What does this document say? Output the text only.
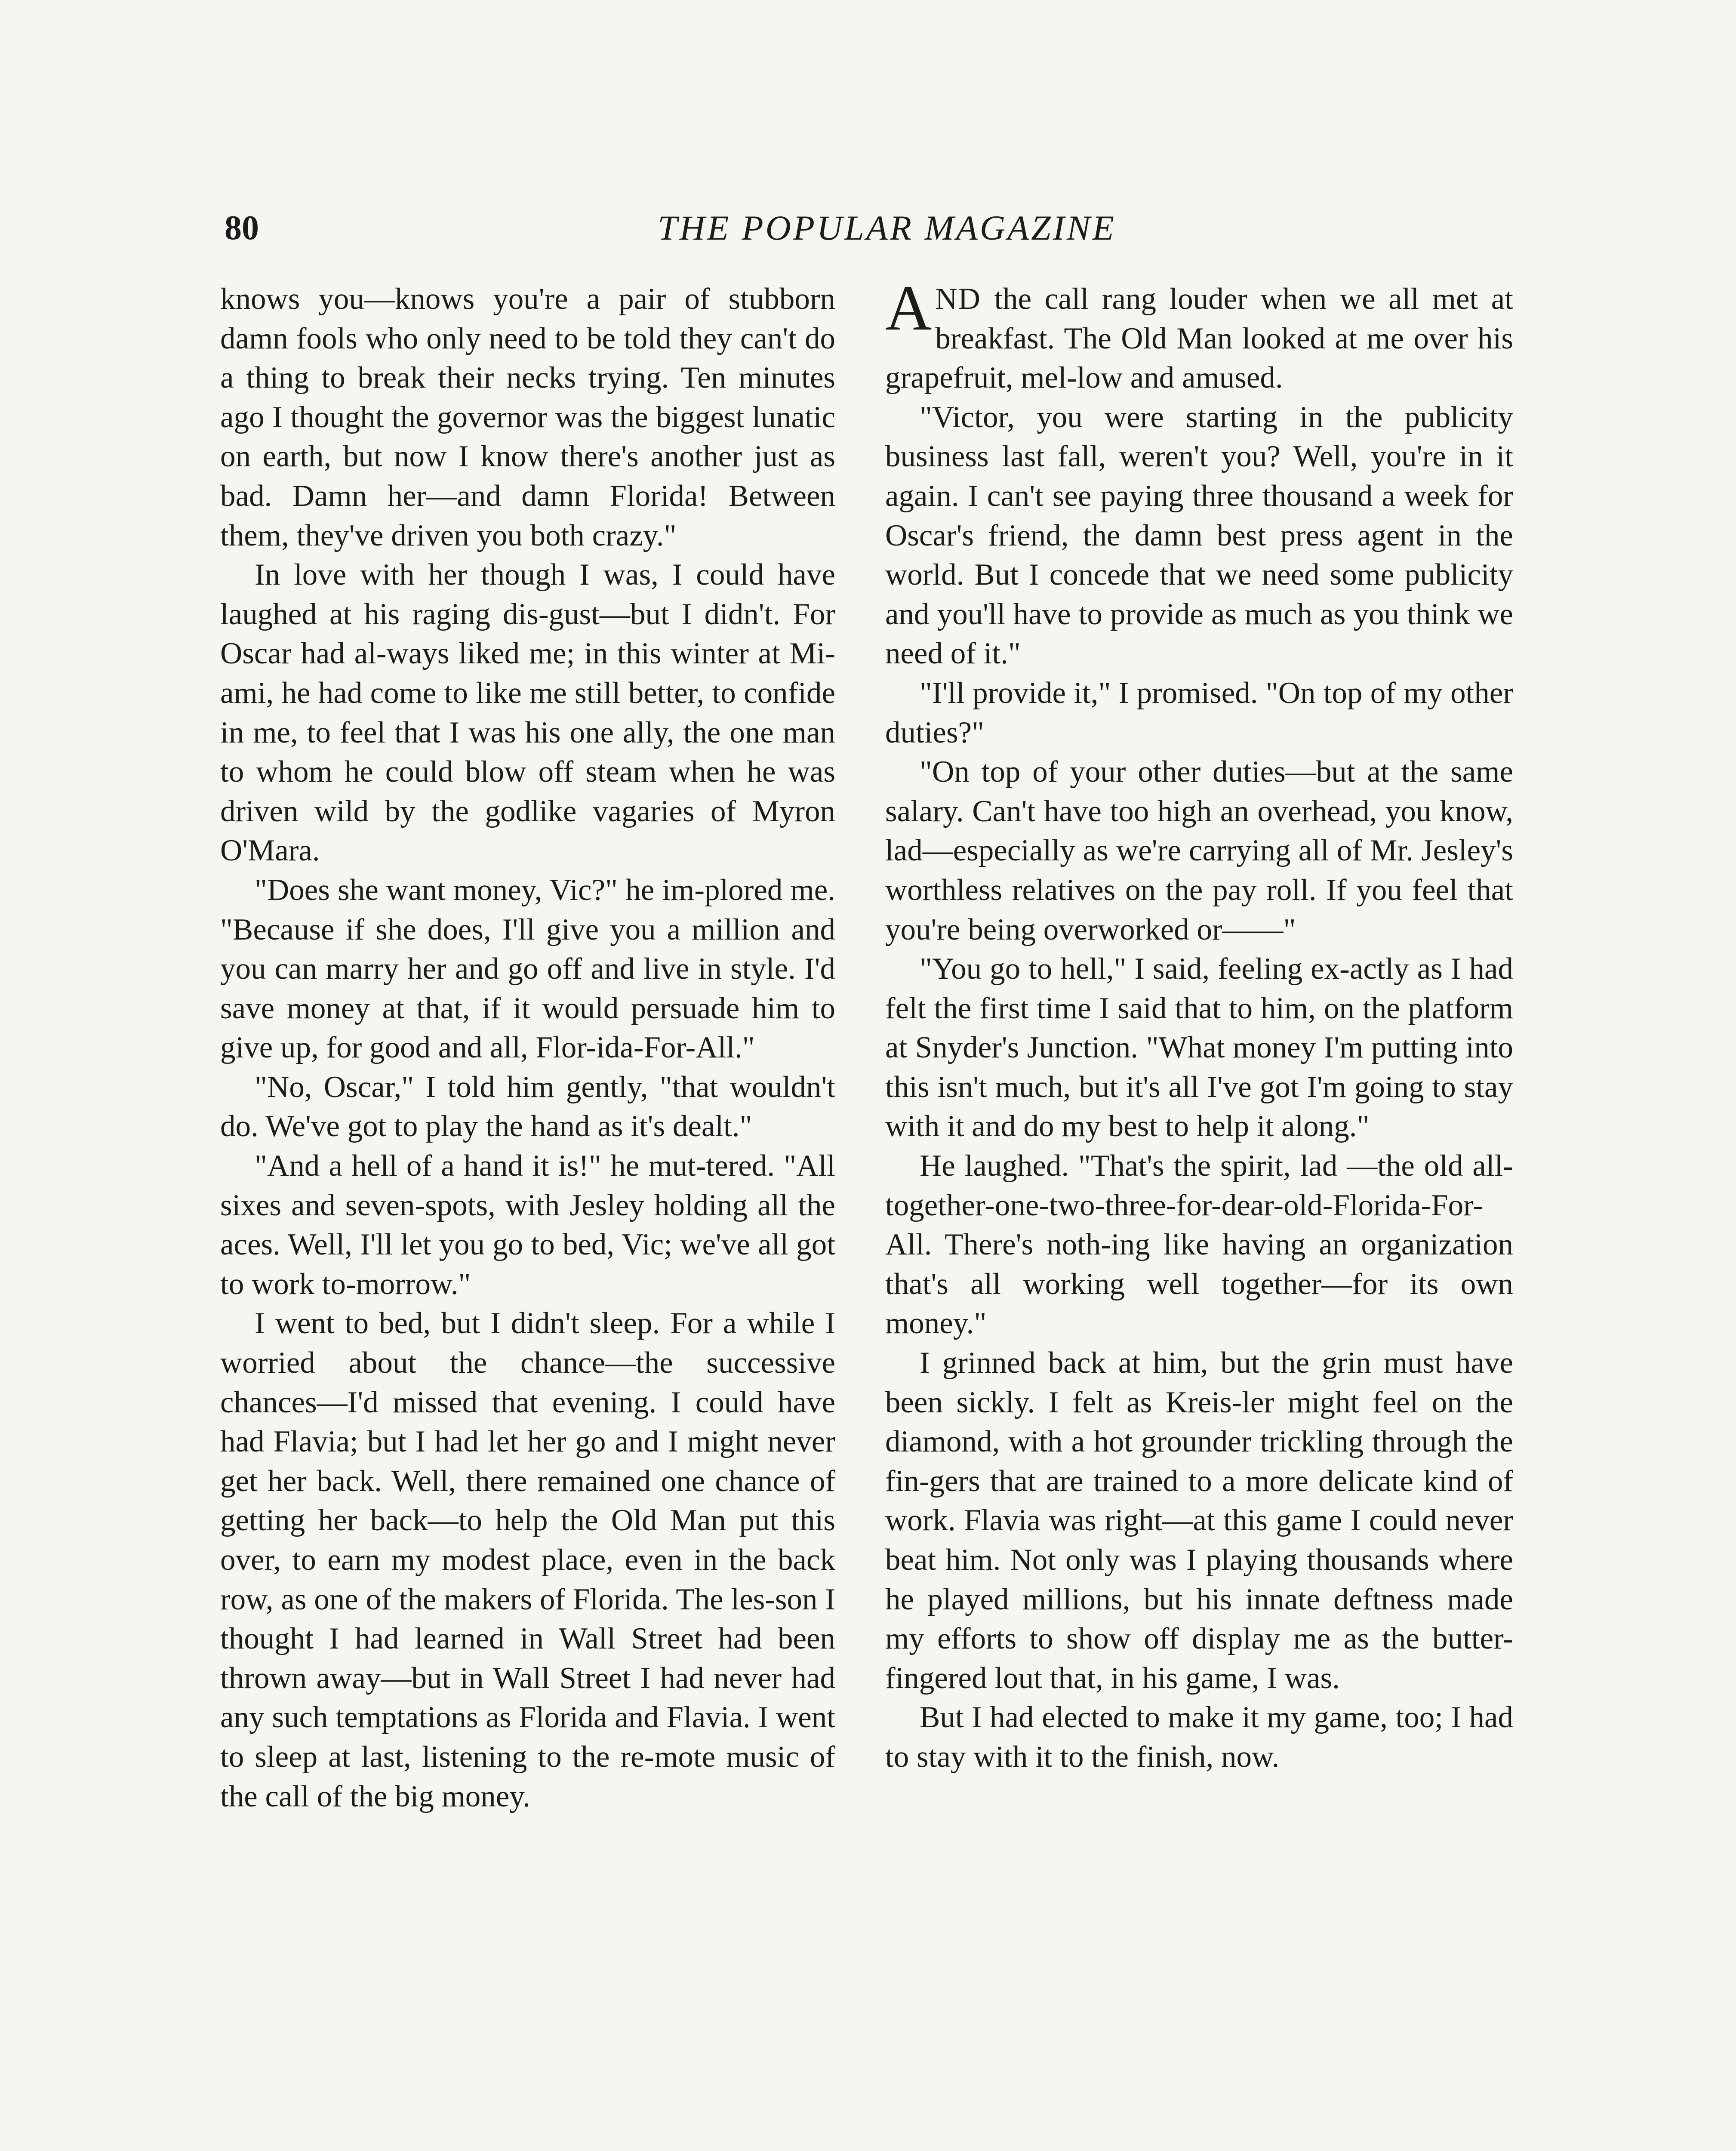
80	THE POPULAR MAGAZINE

knows you—knows you're a pair of stubborn damn fools who only need to be told they can't do a thing to break their necks trying. Ten minutes ago I thought the governor was the biggest lunatic on earth, but now I know there's another just as bad. Damn her—and damn Florida! Between them, they've driven you both crazy."

In love with her though I was, I could have laughed at his raging dis-gust—but I didn't. For Oscar had al-ways liked me; in this winter at Mi-ami, he had come to like me still better, to confide in me, to feel that I was his one ally, the one man to whom he could blow off steam when he was driven wild by the godlike vagaries of Myron O'Mara.

"Does she want money, Vic?" he im-plored me. "Because if she does, I'll give you a million and you can marry her and go off and live in style. I'd save money at that, if it would persuade him to give up, for good and all, Flor-ida-For-All."

"No, Oscar," I told him gently, "that wouldn't do. We've got to play the hand as it's dealt."

"And a hell of a hand it is!" he mut-tered. "All sixes and seven-spots, with Jesley holding all the aces. Well, I'll let you go to bed, Vic; we've all got to work to-morrow."

I went to bed, but I didn't sleep. For a while I worried about the chance—the successive chances—I'd missed that evening. I could have had Flavia; but I had let her go and I might never get her back. Well, there remained one chance of getting her back—to help the Old Man put this over, to earn my modest place, even in the back row, as one of the makers of Florida. The les-son I thought I had learned in Wall Street had been thrown away—but in Wall Street I had never had any such temptations as Florida and Flavia. I went to sleep at last, listening to the re-mote music of the call of the big money.

AND the call rang louder when we all met at breakfast. The Old Man looked at me over his grapefruit, mel-low and amused.

"Victor, you were starting in the publicity business last fall, weren't you? Well, you're in it again. I can't see paying three thousand a week for Oscar's friend, the damn best press agent in the world. But I concede that we need some publicity and you'll have to provide as much as you think we need of it."

"I'll provide it," I promised. "On top of my other duties?"

"On top of your other duties—but at the same salary. Can't have too high an overhead, you know, lad—especially as we're carrying all of Mr. Jesley's worthless relatives on the pay roll. If you feel that you're being overworked or——"

"You go to hell," I said, feeling ex-actly as I had felt the first time I said that to him, on the platform at Snyder's Junction. "What money I'm putting into this isn't much, but it's all I've got I'm going to stay with it and do my best to help it along."

He laughed. "That's the spirit, lad —the old all-together-one-two-three-for-dear-old-Florida-For-All. There's noth-ing like having an organization that's all working well together—for its own money."

I grinned back at him, but the grin must have been sickly. I felt as Kreis-ler might feel on the diamond, with a hot grounder trickling through the fin-gers that are trained to a more delicate kind of work. Flavia was right—at this game I could never beat him. Not only was I playing thousands where he played millions, but his innate deftness made my efforts to show off display me as the butter-fingered lout that, in his game, I was.

But I had elected to make it my game, too; I had to stay with it to the finish, now.
